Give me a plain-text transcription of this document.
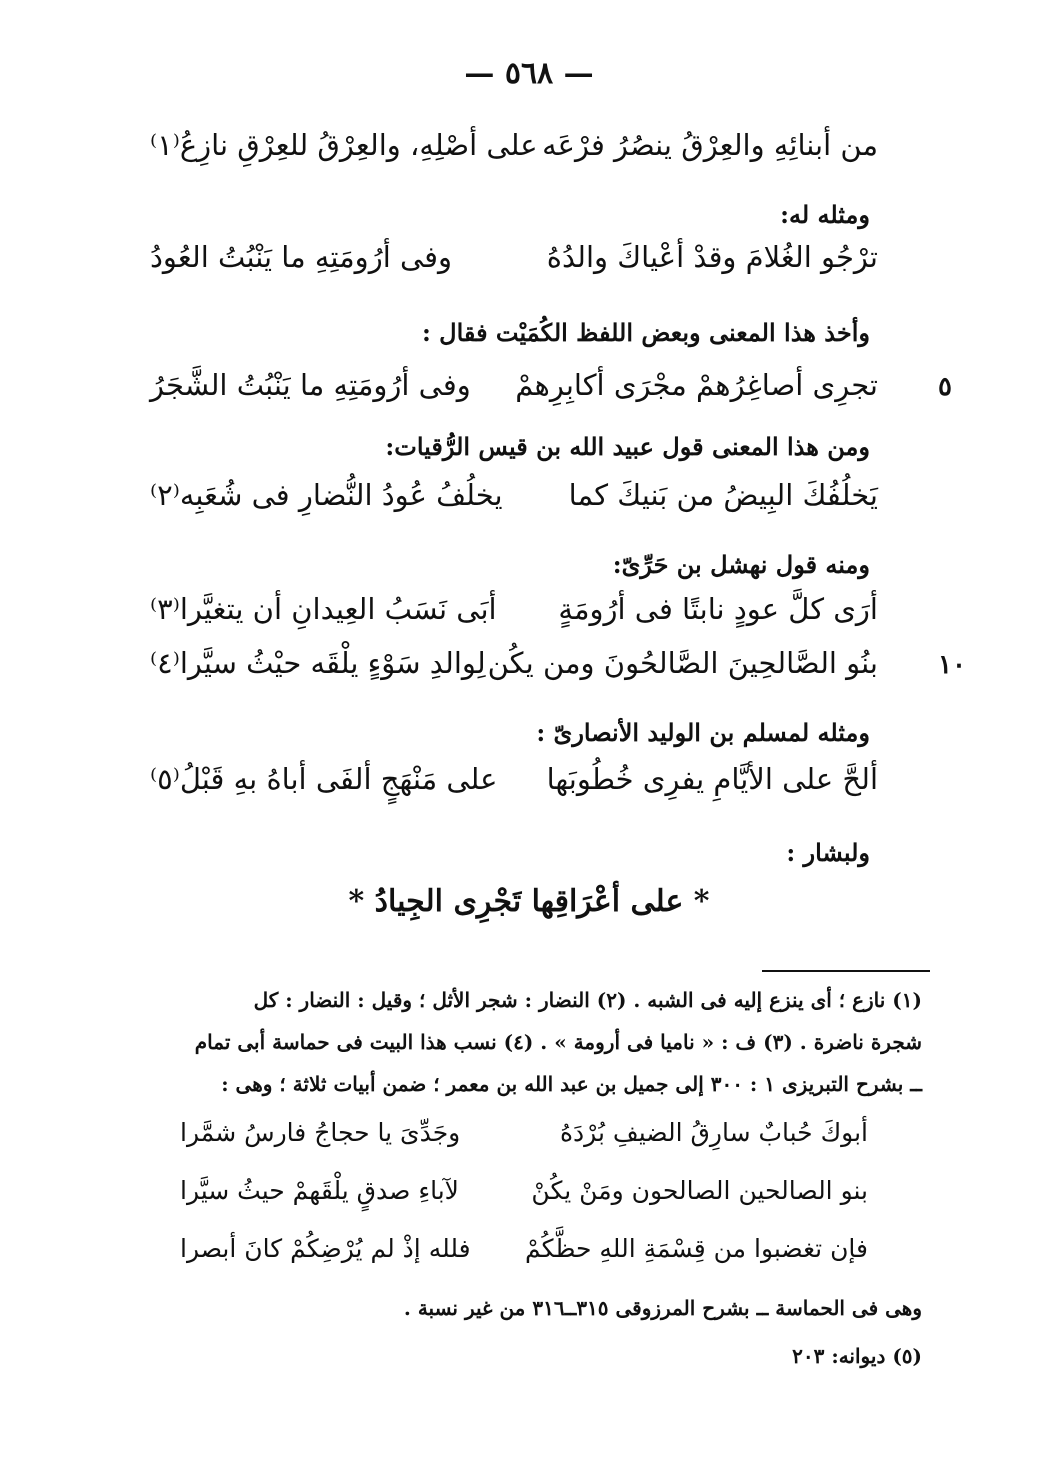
— ٥٦٨ —
من أبنائِهِ والعِرْقُ ينصُرُ فرْعَه
على أصْلِهِ، والعِرْقُ للعِرْقِ نازِعُ⁽١⁾
ومثله له:
ترْجُو الغُلامَ وقدْ أعْياكَ والدُهُ
وفى أرُومَتِهِ ما يَنْبُتُ العُودُ
وأخذ هذا المعنى وبعض اللفظ الكُمَيْت فقال :
تجرِى أصاغِرُهمْ مجْرَى أكابِرِهمْ
وفى أرُومَتِهِ ما يَنْبُتُ الشَّجَرُ	٥
ومن هذا المعنى قول عبيد الله بن قيس الرُّقيات:
يَخلُفُكَ البِيضُ من بَنيكَ كما
يخلُفُ عُودُ النُّضارِ فى شُعَبِه⁽٢⁾
ومنه قول نهشل بن حَرِّىّ:
أرَى كلَّ عودٍ نابتًا فى أرُومَةٍ
أبَى نَسَبُ العِيدانِ أن يتغيَّرا⁽٣⁾
بنُو الصَّالحِينَ الصَّالحُونَ ومن يكُن
لِوالدِ سَوْءٍ يلْقَه حيْثُ سيَّرا⁽٤⁾	١٠
ومثله لمسلم بن الوليد الأنصارىّ :
ألحَّ على الأيَّامِ يفرِى خُطُوبَها
على مَنْهَجٍ ألفَى أباهُ بهِ قَبْلُ⁽٥⁾
ولبشار :
* على أعْرَاقِها تَجْرِى الجِيادُ *
(١) نازع ؛ أى ينزع إليه فى الشبه . (٢) النضار : شجر الأثل ؛ وقيل : النضار : كل
شجرة ناضرة . (٣) ف : « ناميا فى أرومة » . (٤) نسب هذا البيت فى حماسة أبى تمام
ــ بشرح التبريزى ١ : ٣٠٠ إلى جميل بن عبد الله بن معمر ؛ ضمن أبيات ثلاثة ؛ وهى :
أبوكَ حُبابٌ سارِقُ الضيفِ بُرْدَهُ
وجَدِّىَ يا حجاجُ فارسُ شمَّرا
بنو الصالحين الصالحون ومَنْ يكُنْ
لآباءِ صدقٍ يلْقَهمْ حيثُ سيَّرا
فإن تغضبوا من قِسْمَةِ اللهِ حظَّكُمْ
فلله إذْ لم يُرْضِكُمْ كانَ أبصرا
وهى فى الحماسة ــ بشرح المرزوقى ٣١٥ــ٣١٦ من غير نسبة .
(٥) ديوانه: ٢٠٣
